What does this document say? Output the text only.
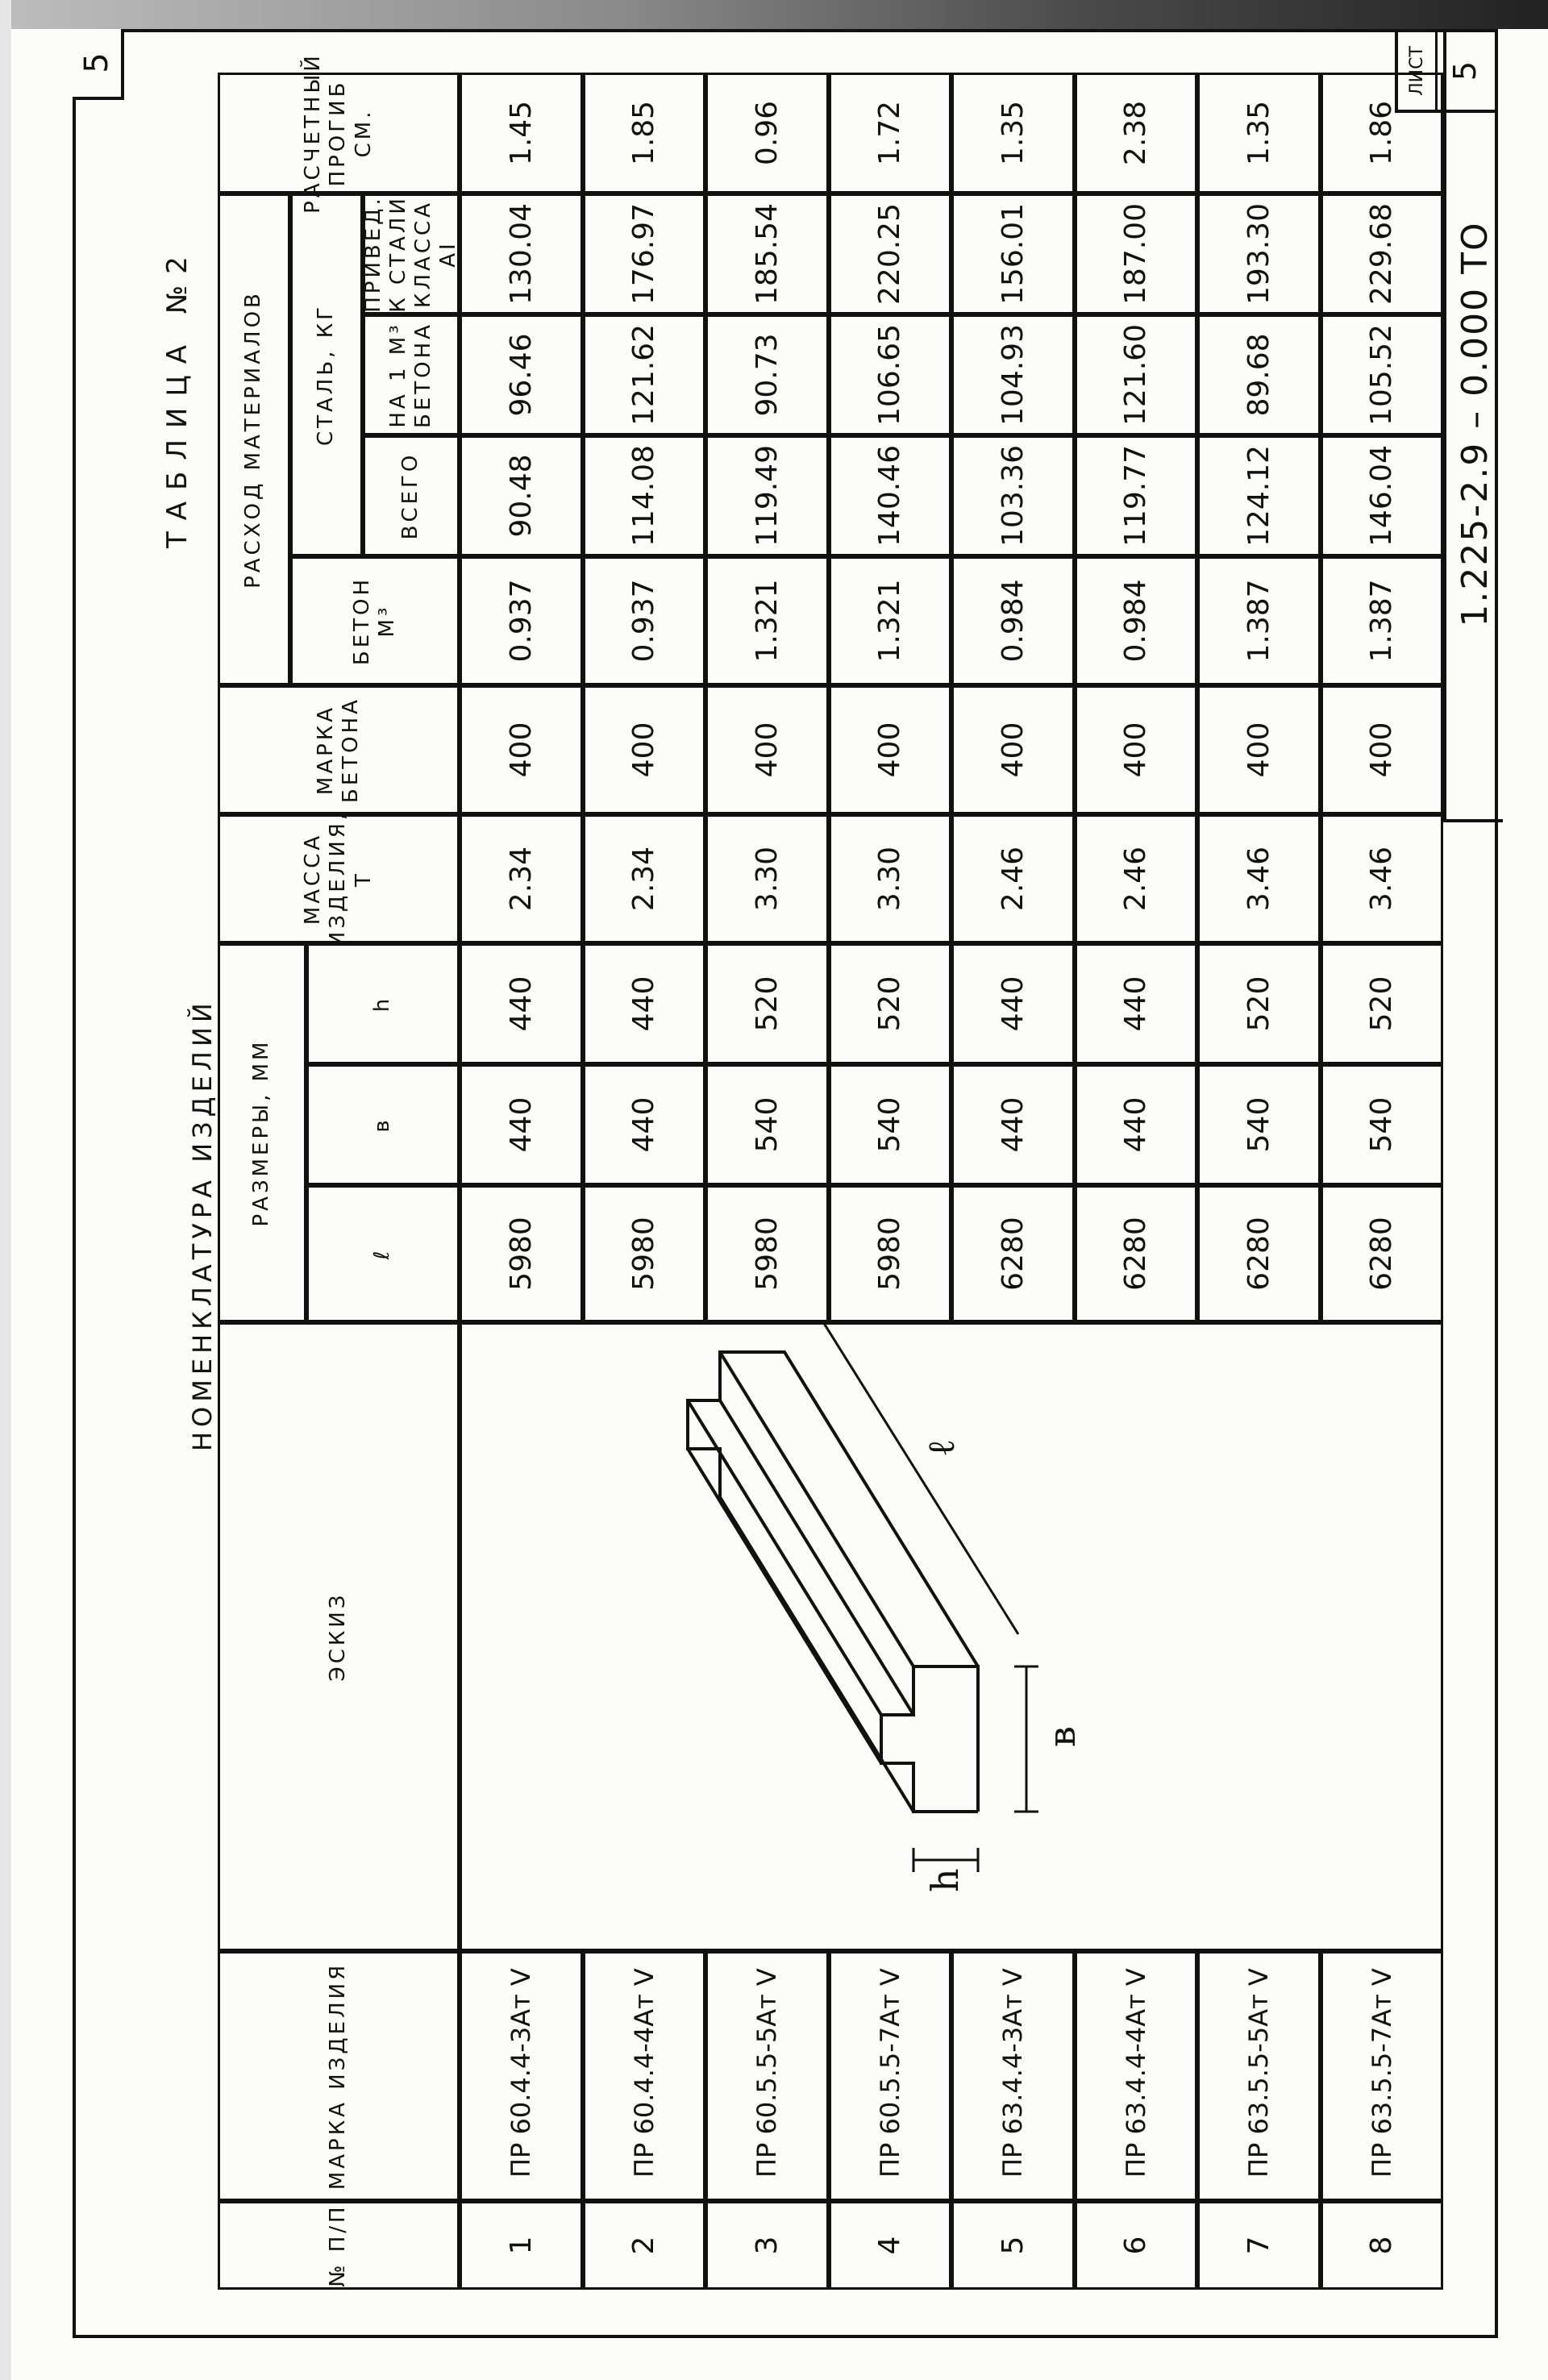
5
ТАБЛИЦА №2
НОМЕНКЛАТУРА ИЗДЕЛИЙ
№ П/П
МАРКА ИЗДЕЛИЯ
ЭСКИЗ
РАЗМЕРЫ, ММ
ℓ
в
h
МАССА ИЗДЕЛИЯ, Т
МАРКА БЕТОНА
РАСХОД МАТЕРИАЛОВ
БЕТОН М³
СТАЛЬ, КГ
ВСЕГО
НА 1 М³ БЕТОНА
ПРИВЕД. К СТАЛИ КЛАССА АI
РАСЧЕТНЫЙ ПРОГИБ СМ.
h
в
ℓ
1
ПР 60.4.4-3Aт V
5980
440
440
2.34
400
0.937
90.48
96.46
130.04
1.45
2
ПР 60.4.4-4Aт V
5980
440
440
2.34
400
0.937
114.08
121.62
176.97
1.85
3
ПР 60.5.5-5Aт V
5980
540
520
3.30
400
1.321
119.49
90.73
185.54
0.96
4
ПР 60.5.5-7Aт V
5980
540
520
3.30
400
1.321
140.46
106.65
220.25
1.72
5
ПР 63.4.4-3Aт V
6280
440
440
2.46
400
0.984
103.36
104.93
156.01
1.35
6
ПР 63.4.4-4Aт V
6280
440
440
2.46
400
0.984
119.77
121.60
187.00
2.38
7
ПР 63.5.5-5Aт V
6280
540
520
3.46
400
1.387
124.12
89.68
193.30
1.35
8
ПР 63.5.5-7Aт V
6280
540
520
3.46
400
1.387
146.04
105.52
229.68
1.86
1.225-2.9 – 0.000 ТО
ЛИСТ 5
